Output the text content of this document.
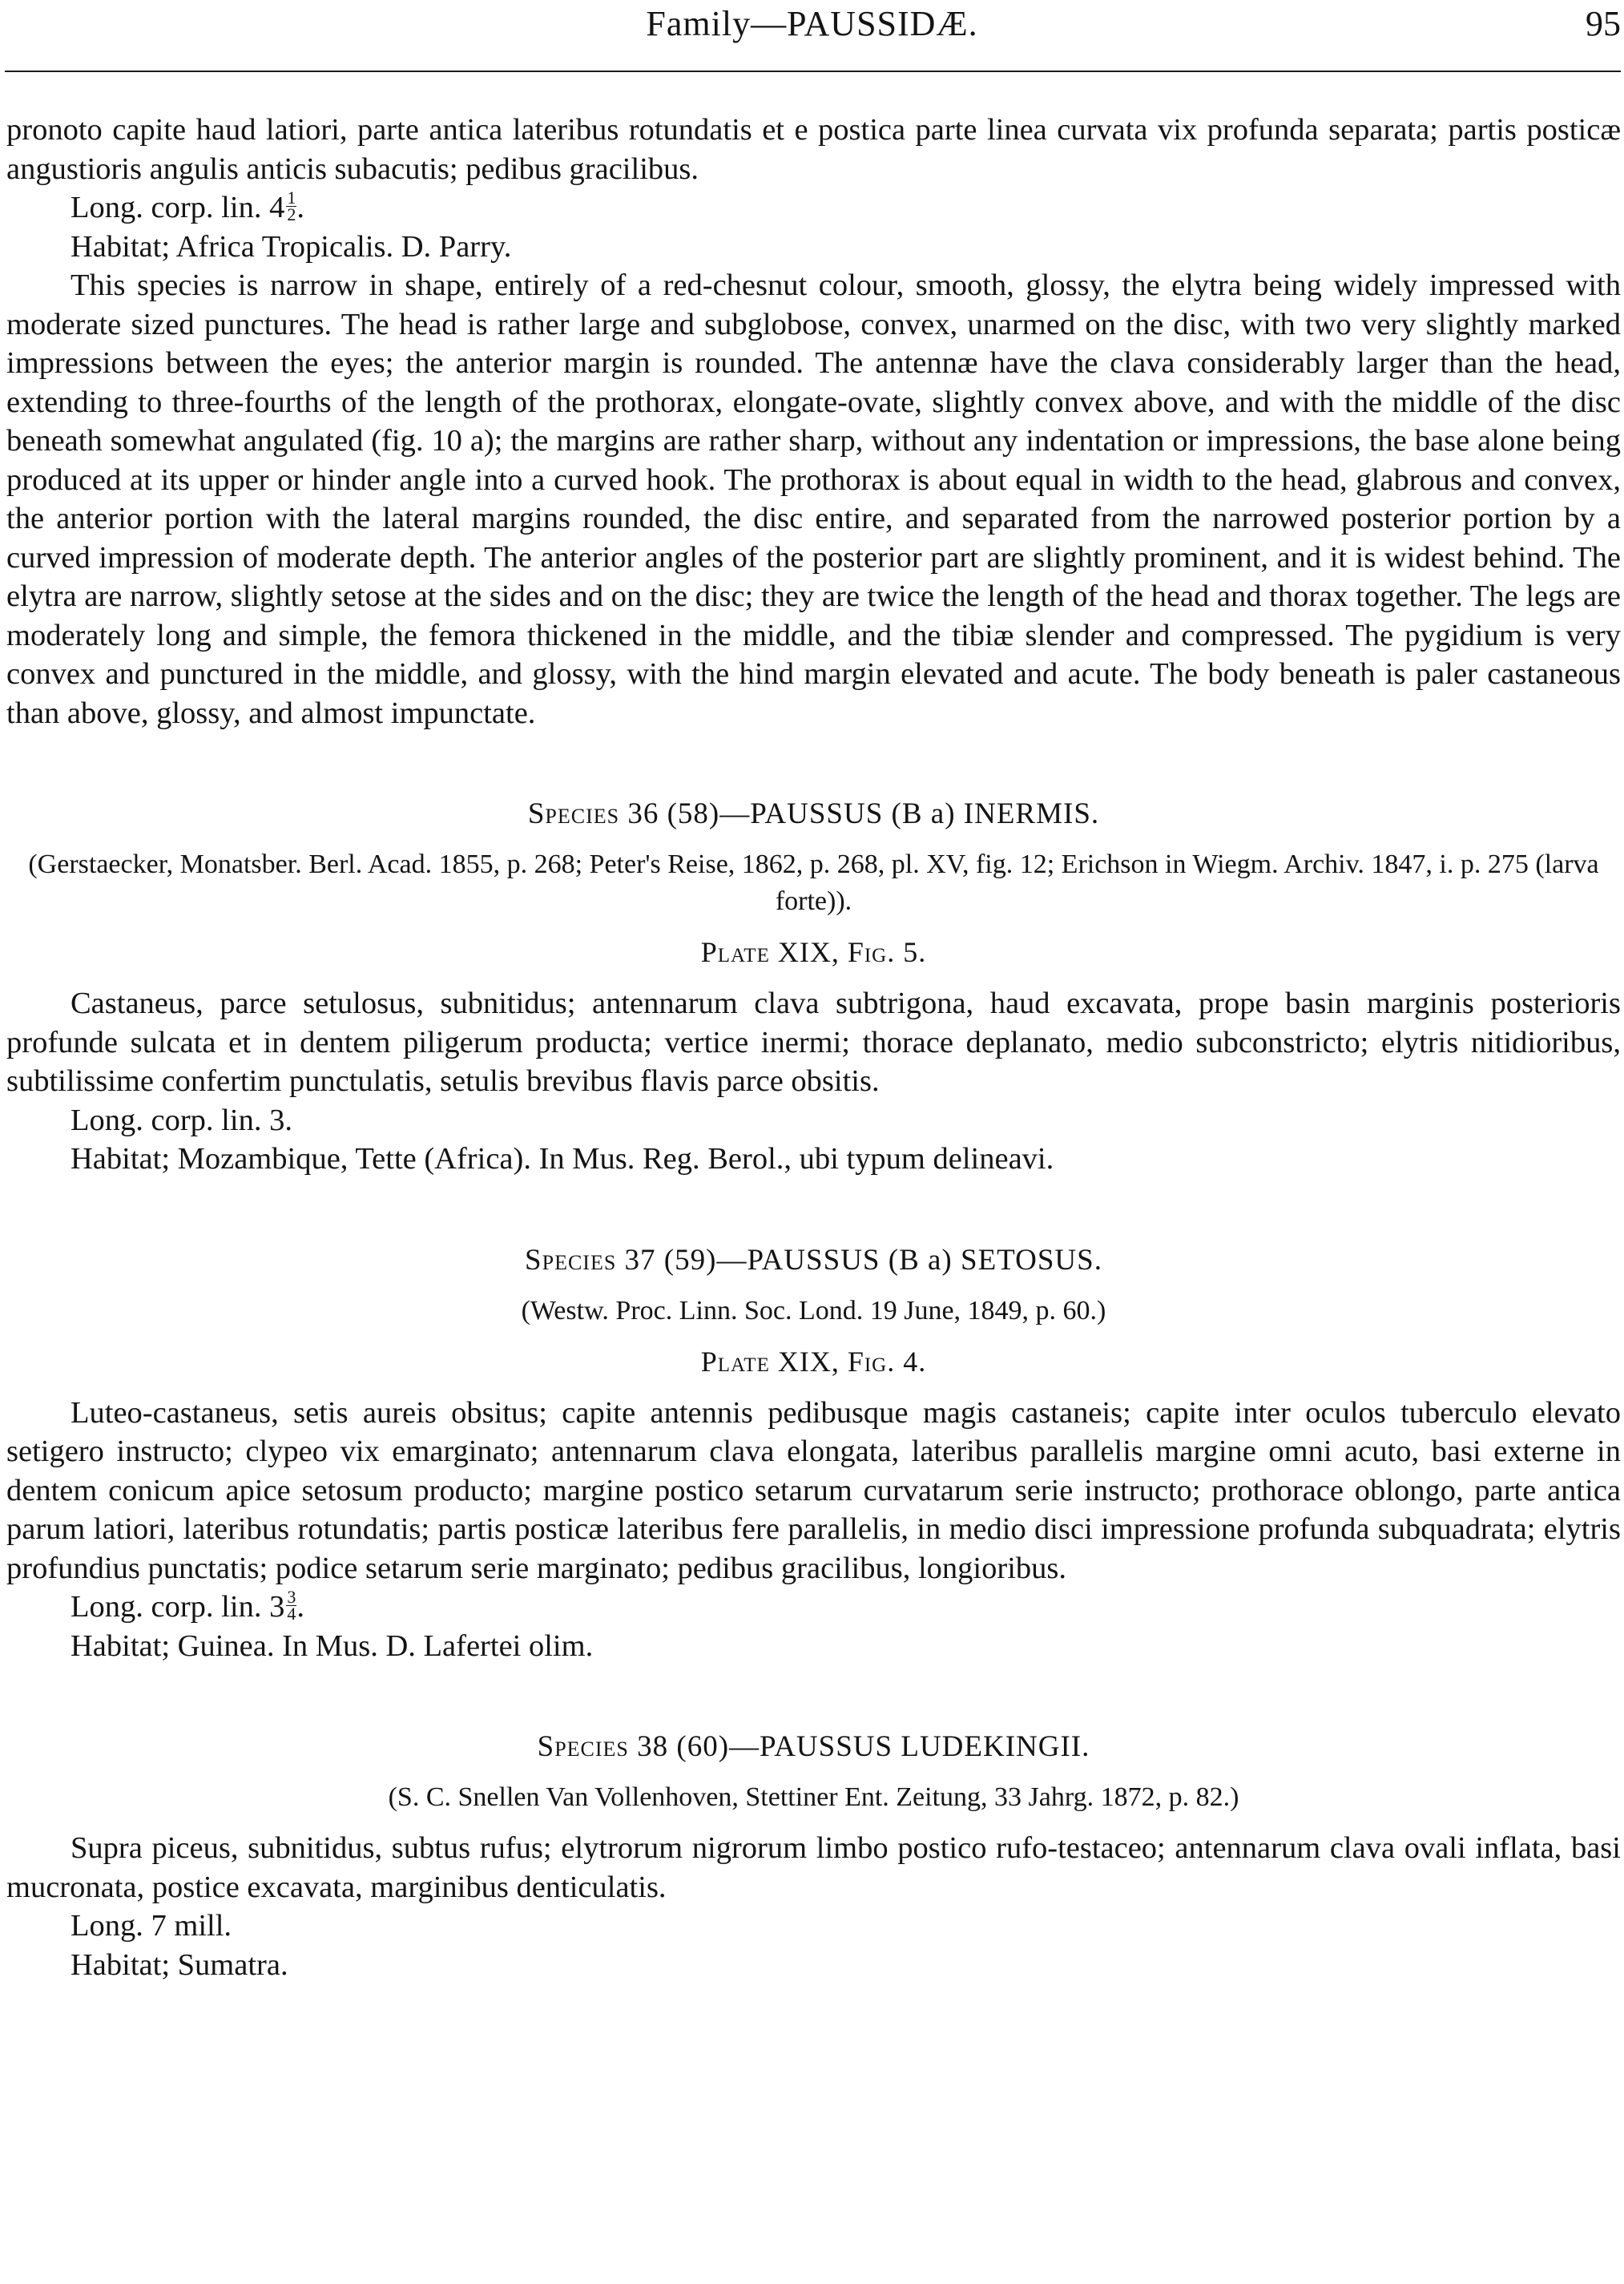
Family—PAUSSIDÆ.	95

pronoto capite haud latiori, parte antica lateribus rotundatis et e postica parte linea curvata vix profunda separata; partis posticæ angustioris angulis anticis subacutis; pedibus gracilibus.

Long. corp. lin. $4 \frac{1}{2}$ .
Habitat; Africa Tropicalis. D. Parry.

This species is narrow in shape, entirely of a red-chesnut colour, smooth, glossy, the elytra being widely impressed with moderate sized punctures. The head is rather large and subglobose, convex, unarmed on the disc, with two very slightly marked impressions between the eyes; the anterior margin is rounded. The antennæ have the clava considerably larger than the head, extending to three-fourths of the length of the prothorax, elongate-ovate, slightly convex above, and with the middle of the disc beneath somewhat angulated (fig. 10 a); the margins are rather sharp, without any indentation or impressions, the base alone being produced at its upper or hinder angle into a curved hook. The prothorax is about equal in width to the head, glabrous and convex, the anterior portion with the lateral margins rounded, the disc entire, and separated from the narrowed posterior portion by a curved impression of moderate depth. The anterior angles of the posterior part are slightly prominent, and it is widest behind. The elytra are narrow, slightly setose at the sides and on the disc; they are twice the length of the head and thorax together. The legs are moderately long and simple, the femora thickened in the middle, and the tibiæ slender and compressed. The pygidium is very convex and punctured in the middle, and glossy, with the hind margin elevated and acute. The body beneath is paler castaneous than above, glossy, and almost impunctate.

Species 36 (58)—PAUSSUS (B a) INERMIS.
(Gerstaecker, Monatsber. Berl. Acad. 1855, p. 268; Peter's Reise, 1862, p. 268, pl. XV, fig. 12; Erichson in Wiegm. Archiv. 1847, i. p. 275 (larva forte)).
Plate XIX, Fig. 5.

Castaneus, parce setulosus, subnitidus; antennarum clava subtrigona, haud excavata, prope basin marginis posterioris profunde sulcata et in dentem piligerum producta; vertice inermi; thorace deplanato, medio subconstricto; elytris nitidioribus, subtilissime confertim punctulatis, setulis brevibus flavis parce obsitis.

Long. corp. lin. 3.
Habitat; Mozambique, Tette (Africa). In Mus. Reg. Berol., ubi typum delineavi.
Species 37 (59)—PAUSSUS (B a) SETOSUS.
(Westw. Proc. Linn. Soc. Lond. 19 June, 1849, p. 60.)
Plate XIX, Fig. 4.

Luteo-castaneus, setis aureis obsitus; capite antennis pedibusque magis castaneis; capite inter oculos tuberculo elevato setigero instructo; clypeo vix emarginato; antennarum clava elongata, lateribus parallelis margine omni acuto, basi externe in dentem conicum apice setosum producto; margine postico setarum curvatarum serie instructo; prothorace oblongo, parte antica parum latiori, lateribus rotundatis; partis posticæ lateribus fere parallelis, in medio disci impressione profunda subquadrata; elytris profundius punctatis; podice setarum serie marginato; pedibus gracilibus, longioribus.

Long. corp. lin. $3 \frac{3}{4}$ .
Habitat; Guinea. In Mus. D. Lafertei olim.
Species 38 (60)—PAUSSUS LUDEKINGII.
(S. C. Snellen Van Vollenhoven, Stettiner Ent. Zeitung, 33 Jahrg. 1872, p. 82.)

Supra piceus, subnitidus, subtus rufus; elytrorum nigrorum limbo postico rufo-testaceo; antennarum clava ovali inflata, basi mucronata, postice excavata, marginibus denticulatis.

Long. 7 mill.
Habitat; Sumatra.
